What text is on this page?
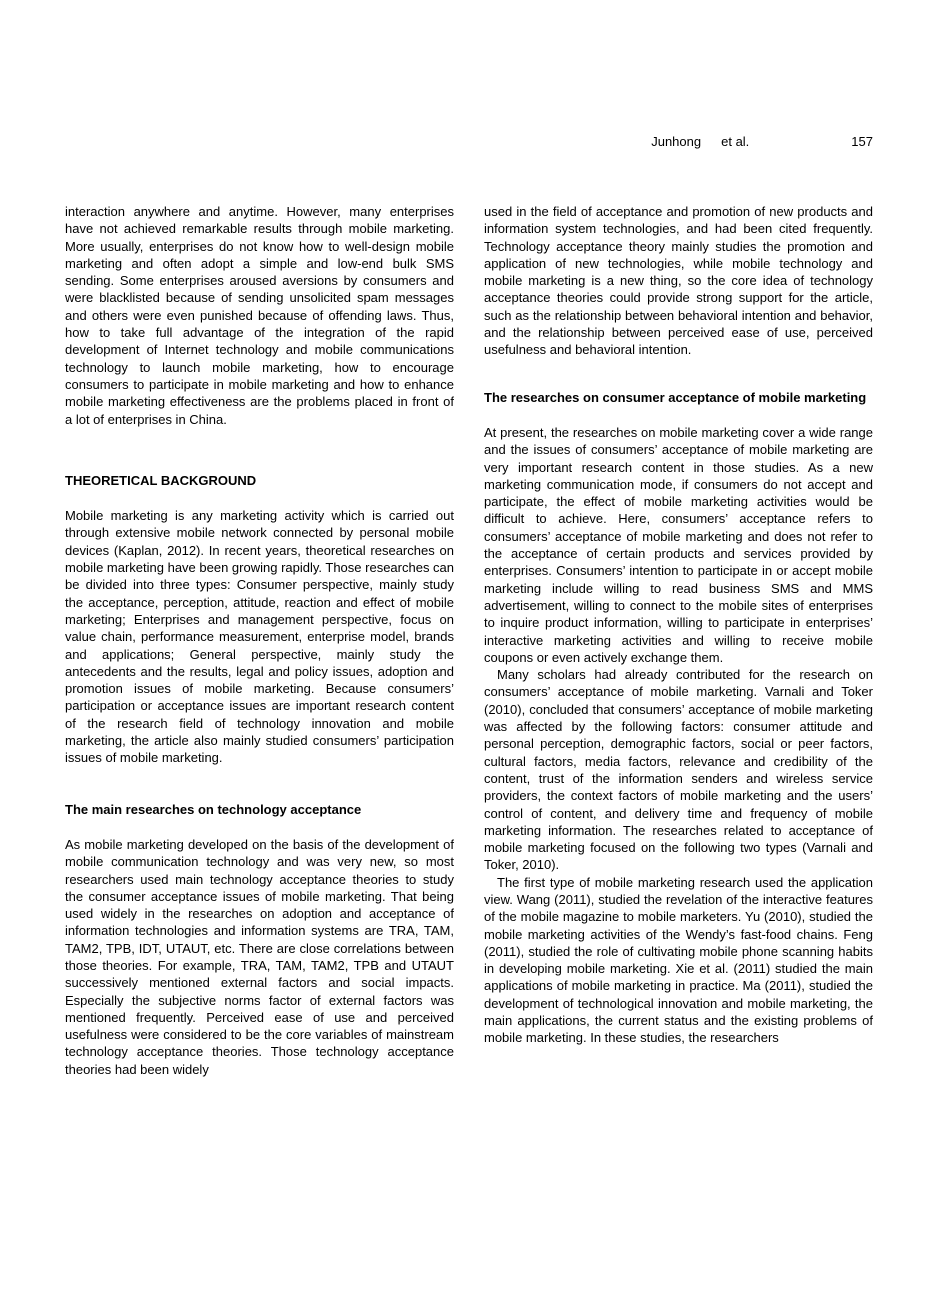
Junhong et al.	157

interaction anywhere and anytime. However, many enterprises have not achieved remarkable results through mobile marketing. More usually, enterprises do not know how to well-design mobile marketing and often adopt a simple and low-end bulk SMS sending. Some enterprises aroused aversions by consumers and were blacklisted because of sending unsolicited spam messages and others were even punished because of offending laws. Thus, how to take full advantage of the integration of the rapid development of Internet technology and mobile communications technology to launch mobile marketing, how to encourage consumers to participate in mobile marketing and how to enhance mobile marketing effectiveness are the problems placed in front of a lot of enterprises in China.

THEORETICAL BACKGROUND

Mobile marketing is any marketing activity which is carried out through extensive mobile network connected by personal mobile devices (Kaplan, 2012). In recent years, theoretical researches on mobile marketing have been growing rapidly. Those researches can be divided into three types: Consumer perspective, mainly study the acceptance, perception, attitude, reaction and effect of mobile marketing; Enterprises and management perspective, focus on value chain, performance measurement, enterprise model, brands and applications; General perspective, mainly study the antecedents and the results, legal and policy issues, adoption and promotion issues of mobile marketing. Because consumers’ participation or acceptance issues are important research content of the research field of technology innovation and mobile marketing, the article also mainly studied consumers’ participation issues of mobile marketing.

The main researches on technology acceptance

As mobile marketing developed on the basis of the development of mobile communication technology and was very new, so most researchers used main technology acceptance theories to study the consumer acceptance issues of mobile marketing. That being used widely in the researches on adoption and acceptance of information technologies and information systems are TRA, TAM, TAM2, TPB, IDT, UTAUT, etc. There are close correlations between those theories. For example, TRA, TAM, TAM2, TPB and UTAUT successively mentioned external factors and social impacts. Especially the subjective norms factor of external factors was mentioned frequently. Perceived ease of use and perceived usefulness were considered to be the core variables of mainstream technology acceptance theories. Those technology acceptance theories had been widely

used in the field of acceptance and promotion of new products and information system technologies, and had been cited frequently. Technology acceptance theory mainly studies the promotion and application of new technologies, while mobile technology and mobile marketing is a new thing, so the core idea of technology acceptance theories could provide strong support for the article, such as the relationship between behavioral intention and behavior, and the relationship between perceived ease of use, perceived usefulness and behavioral intention.

The researches on consumer acceptance of mobile marketing

At present, the researches on mobile marketing cover a wide range and the issues of consumers’ acceptance of mobile marketing are very important research content in those studies. As a new marketing communication mode, if consumers do not accept and participate, the effect of mobile marketing activities would be difficult to achieve. Here, consumers’ acceptance refers to consumers’ acceptance of mobile marketing and does not refer to the acceptance of certain products and services provided by enterprises. Consumers’ intention to participate in or accept mobile marketing include willing to read business SMS and MMS advertisement, willing to connect to the mobile sites of enterprises to inquire product information, willing to participate in enterprises’ interactive marketing activities and willing to receive mobile coupons or even actively exchange them.

Many scholars had already contributed for the research on consumers’ acceptance of mobile marketing. Varnali and Toker (2010), concluded that consumers’ acceptance of mobile marketing was affected by the following factors: consumer attitude and personal perception, demographic factors, social or peer factors, cultural factors, media factors, relevance and credibility of the content, trust of the information senders and wireless service providers, the context factors of mobile marketing and the users’ control of content, and delivery time and frequency of mobile marketing information. The researches related to acceptance of mobile marketing focused on the following two types (Varnali and Toker, 2010).

The first type of mobile marketing research used the application view. Wang (2011), studied the revelation of the interactive features of the mobile magazine to mobile marketers. Yu (2010), studied the mobile marketing activities of the Wendy’s fast-food chains. Feng (2011), studied the role of cultivating mobile phone scanning habits in developing mobile marketing. Xie et al. (2011) studied the main applications of mobile marketing in practice. Ma (2011), studied the development of technological innovation and mobile marketing, the main applications, the current status and the existing problems of mobile marketing. In these studies, the researchers
